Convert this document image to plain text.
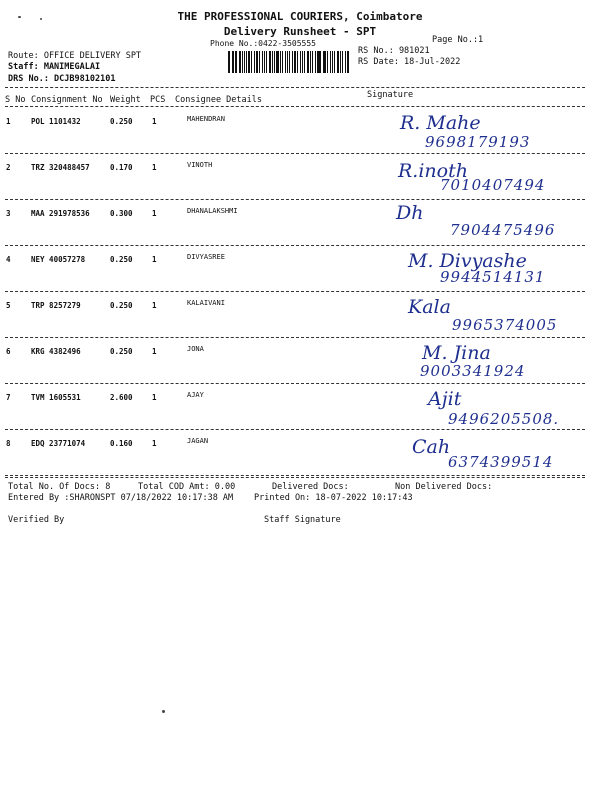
THE PROFESSIONAL COURIERS, Coimbatore
Delivery Runsheet - SPT
Phone No.:0422-3505555	Page No.:1
RS No.: 981021
RS Date: 18-Jul-2022
Route: OFFICE DELIVERY SPT
Staff: MANIMEGALAI
DRS No.: DCJB98102101
S No Consignment No Weight PCS Consignee Details	Signature
1	POL 1101432	0.250	1	MAHENDRAN	R. Mahe
9698179193
2	TRZ 320488457	0.170	1	VINOTH	R.inoth
7010407494
3	MAA 291978536	0.300	1	DHANALAKSHMI	Dh
7904475496
4	NEY 40057278	0.250	1	DIVYASREE	M. Divyashe
9944514131
5	TRP 8257279	0.250	1	KALAIVANI	Kala
9965374005
6	KRG 4382496	0.250	1	JONA	M. Jina
9003341924
7	TVM 1605531	2.600	1	AJAY	Ajit
9496205508.
8	EDQ 23771074	0.160	1	JAGAN	Cah
6374399514
Total No. Of Docs: 8	Total COD Amt: 0.00	Delivered Docs:	Non Delivered Docs:
Entered By :SHARONSPT 07/18/2022 10:17:38 AM Printed On: 18-07-2022 10:17:43
Verified By	Staff Signature
